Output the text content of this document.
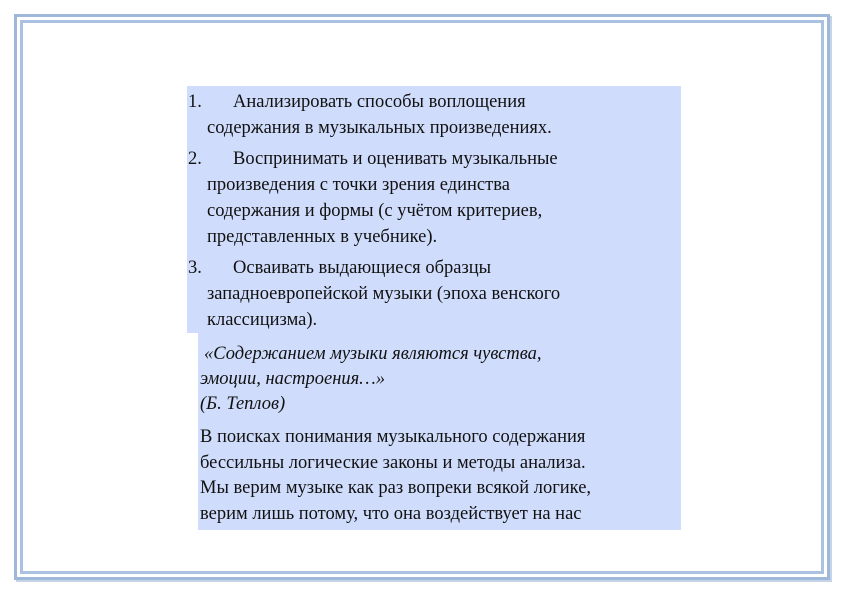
1.	Анализировать способы воплощения
содержания в музыкальных произведениях.
2.	Воспринимать и оценивать музыкальные
произведения с точки зрения единства
содержания и формы (с учётом критериев,
представленных в учебнике).
3.	Осваивать выдающиеся образцы
западноевропейской музыки (эпоха венского
классицизма).

«Содержанием музыки являются чувства,
эмоции, настроения…»

(Б. Теплов)

В поисках понимания музыкального содержания
бессильны логические законы и методы анализа.
Мы верим музыке как раз вопреки всякой логике,
верим лишь потому, что она воздействует на нас
